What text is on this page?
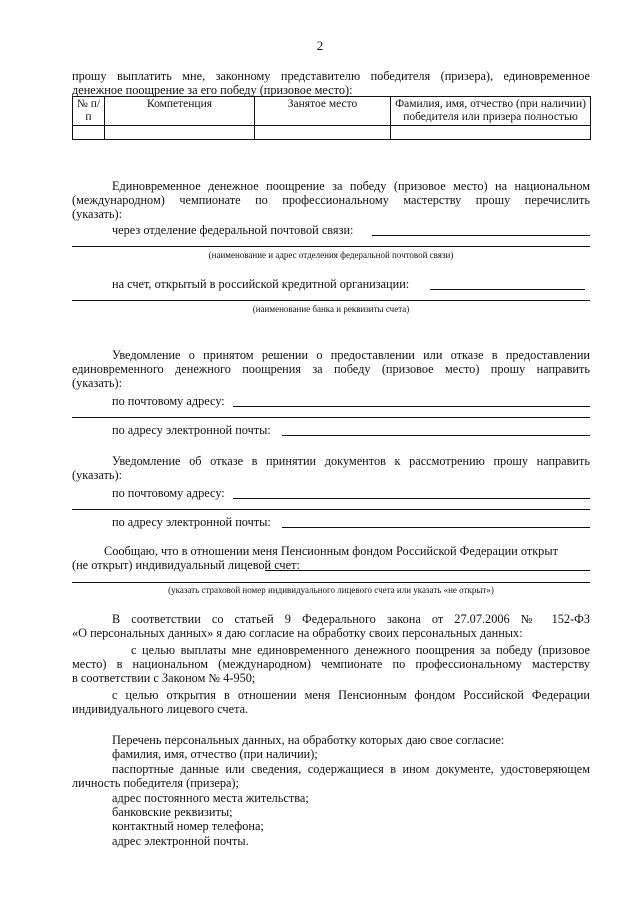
2
прошу выплатить мне, законному представителю победителя (призера), единовременное
денежное поощрение за его победу (призовое место):
№ п/п	Компетенция	Занятое место	Фамилия, имя, отчество (при наличии) победителя или призера полностью

Единовременное денежное поощрение за победу (призовое место) на национальном
(международном) чемпионате по профессиональному мастерству прошу перечислить
(указать):
через отделение федеральной почтовой связи:
(наименование и адрес отделения федеральной почтовой связи)
на счет, открытый в российской кредитной организации:
(наименование банка и реквизиты счета)
Уведомление о принятом решении о предоставлении или отказе в предоставлении
единовременного денежного поощрения за победу (призовое место) прошу направить
(указать):
по почтовому адресу:
по адресу электронной почты:
Уведомление об отказе в принятии документов к рассмотрению прошу направить
(указать):
по почтовому адресу:
по адресу электронной почты:
Сообщаю, что в отношении меня Пенсионным фондом Российской Федерации открыт
(не открыт) индивидуальный лицевой счет:
(указать страховой номер индивидуального лицевого счета или указать «не открыт»)
В соответствии со статьей 9 Федерального закона от 27.07.2006 № 152-ФЗ
«О персональных данных» я даю согласие на обработку своих персональных данных:
с целью выплаты мне единовременного денежного поощрения за победу (призовое
место) в национальном (международном) чемпионате по профессиональному мастерству
в соответствии с Законом № 4-950;
с целью открытия в отношении меня Пенсионным фондом Российской Федерации
индивидуального лицевого счета.
Перечень персональных данных, на обработку которых даю свое согласие:
фамилия, имя, отчество (при наличии);
паспортные данные или сведения, содержащиеся в ином документе, удостоверяющем
личность победителя (призера);
адрес постоянного места жительства;
банковские реквизиты;
контактный номер телефона;
адрес электронной почты.
